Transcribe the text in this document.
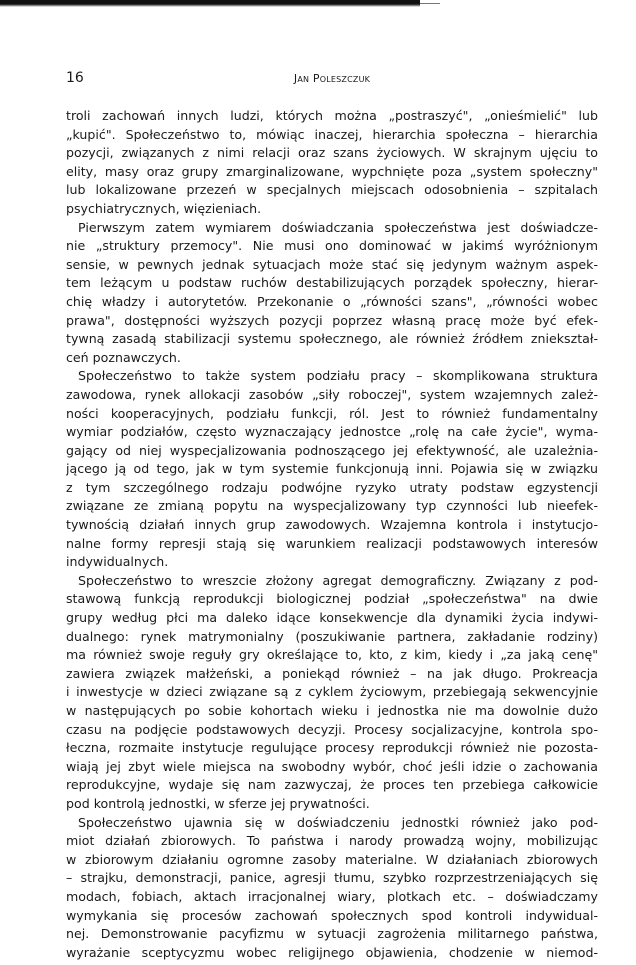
16	Jan Poleszczuk
troli zachowań innych ludzi, których można „postraszyć", „onieśmielić" lub
„kupić". Społeczeństwo to, mówiąc inaczej, hierarchia społeczna – hierarchia
pozycji, związanych z nimi relacji oraz szans życiowych. W skrajnym ujęciu to
elity, masy oraz grupy zmarginalizowane, wypchnięte poza „system społeczny"
lub lokalizowane przezeń w specjalnych miejscach odosobnienia – szpitalach
psychiatrycznych, więzieniach.
Pierwszym zatem wymiarem doświadczania społeczeństwa jest doświadcze-
nie „struktury przemocy". Nie musi ono dominować w jakimś wyróżnionym
sensie, w pewnych jednak sytuacjach może stać się jedynym ważnym aspek-
tem leżącym u podstaw ruchów destabilizujących porządek społeczny, hierar-
chię władzy i autorytetów. Przekonanie o „równości szans", „równości wobec
prawa", dostępności wyższych pozycji poprzez własną pracę może być efek-
tywną zasadą stabilizacji systemu społecznego, ale również źródłem zniekształ-
ceń poznawczych.
Społeczeństwo to także system podziału pracy – skomplikowana struktura
zawodowa, rynek allokacji zasobów „siły roboczej", system wzajemnych zależ-
ności kooperacyjnych, podziału funkcji, ról. Jest to również fundamentalny
wymiar podziałów, często wyznaczający jednostce „rolę na całe życie", wyma-
gający od niej wyspecjalizowania podnoszącego jej efektywność, ale uzależnia-
jącego ją od tego, jak w tym systemie funkcjonują inni. Pojawia się w związku
z tym szczególnego rodzaju podwójne ryzyko utraty podstaw egzystencji
związane ze zmianą popytu na wyspecjalizowany typ czynności lub nieefek-
tywnością działań innych grup zawodowych. Wzajemna kontrola i instytucjo-
nalne formy represji stają się warunkiem realizacji podstawowych interesów
indywidualnych.
Społeczeństwo to wreszcie złożony agregat demograficzny. Związany z pod-
stawową funkcją reprodukcji biologicznej podział „społeczeństwa" na dwie
grupy według płci ma daleko idące konsekwencje dla dynamiki życia indywi-
dualnego: rynek matrymonialny (poszukiwanie partnera, zakładanie rodziny)
ma również swoje reguły gry określające to, kto, z kim, kiedy i „za jaką cenę"
zawiera związek małżeński, a poniekąd również – na jak długo. Prokreacja
i inwestycje w dzieci związane są z cyklem życiowym, przebiegają sekwencyjnie
w następujących po sobie kohortach wieku i jednostka nie ma dowolnie dużo
czasu na podjęcie podstawowych decyzji. Procesy socjalizacyjne, kontrola spo-
łeczna, rozmaite instytucje regulujące procesy reprodukcji również nie pozosta-
wiają jej zbyt wiele miejsca na swobodny wybór, choć jeśli idzie o zachowania
reprodukcyjne, wydaje się nam zazwyczaj, że proces ten przebiega całkowicie
pod kontrolą jednostki, w sferze jej prywatności.
Społeczeństwo ujawnia się w doświadczeniu jednostki również jako pod-
miot działań zbiorowych. To państwa i narody prowadzą wojny, mobilizując
w zbiorowym działaniu ogromne zasoby materialne. W działaniach zbiorowych
– strajku, demonstracji, panice, agresji tłumu, szybko rozprzestrzeniających się
modach, fobiach, aktach irracjonalnej wiary, plotkach etc. – doświadczamy
wymykania się procesów zachowań społecznych spod kontroli indywidual-
nej. Demonstrowanie pacyfizmu w sytuacji zagrożenia militarnego państwa,
wyrażanie sceptycyzmu wobec religijnego objawienia, chodzenie w niemod-
